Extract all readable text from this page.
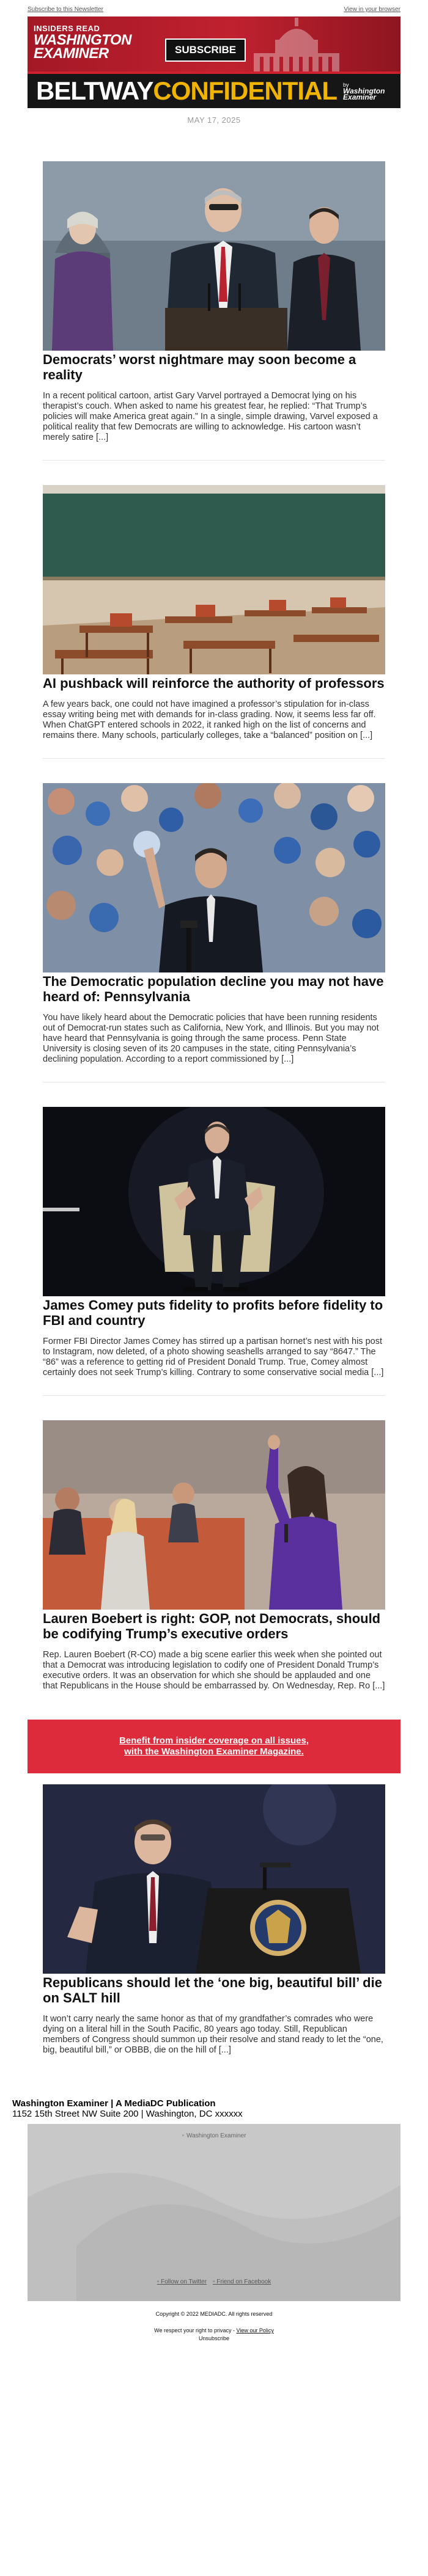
Subscribe to this Newsletter	View in your browser
INSIDERS READ
WASHINGTON
EXAMINER	SUBSCRIBE
BELTWAY CONFIDENTIAL by
Washington
Examiner
MAY 17, 2025
Democrats’ worst nightmare may soon become a reality
In a recent political cartoon, artist Gary Varvel portrayed a Democrat lying on his therapist’s couch. When asked to name his greatest fear, he replied: “That Trump’s policies will make America great again.” In a single, simple drawing, Varvel exposed a political reality that few Democrats are willing to acknowledge. His cartoon wasn’t merely satire [...]
AI pushback will reinforce the authority of professors
A few years back, one could not have imagined a professor’s stipulation for in-class essay writing being met with demands for in-class grading. Now, it seems less far off. When ChatGPT entered schools in 2022, it ranked high on the list of concerns and remains there. Many schools, particularly colleges, take a “balanced” position on [...]
The Democratic population decline you may not have heard of: Pennsylvania
You have likely heard about the Democratic policies that have been running residents out of Democrat-run states such as California, New York, and Illinois. But you may not have heard that Pennsylvania is going through the same process. Penn State University is closing seven of its 20 campuses in the state, citing Pennsylvania’s declining population. According to a report commissioned by [...]
James Comey puts fidelity to profits before fidelity to FBI and country
Former FBI Director James Comey has stirred up a partisan hornet’s nest with his post to Instagram, now deleted, of a photo showing seashells arranged to say “8647.” The “86” was a reference to getting rid of President Donald Trump. True, Comey almost certainly does not seek Trump’s killing. Contrary to some conservative social media [...]
Lauren Boebert is right: GOP, not Democrats, should be codifying Trump’s executive orders
Rep. Lauren Boebert (R-CO) made a big scene earlier this week when she pointed out that a Democrat was introducing legislation to codify one of President Donald Trump’s executive orders. It was an observation for which she should be applauded and one that Republicans in the House should be embarrassed by. On Wednesday, Rep. Ro [...]
Benefit from insider coverage on all issues,
with the Washington Examiner Magazine.
Republicans should let the ‘one big, beautiful bill’ die on SALT hill
It won’t carry nearly the same honor as that of my grandfather’s comrades who were dying on a literal hill in the South Pacific, 80 years ago today. Still, Republican members of Congress should summon up their resolve and stand ready to let the “one, big, beautiful bill,” or OBBB, die on the hill of [...]
Washington Examiner | A MediaDC Publication
1152 15th Street NW Suite 200 | Washington, DC xxxxxx
▫ Washington Examiner
▫ Follow on Twitter ▫ Friend on Facebook
Copyright © 2022 MEDIADC. All rights reserved
We respect your right to privacy - View our Policy
Unsubscribe
